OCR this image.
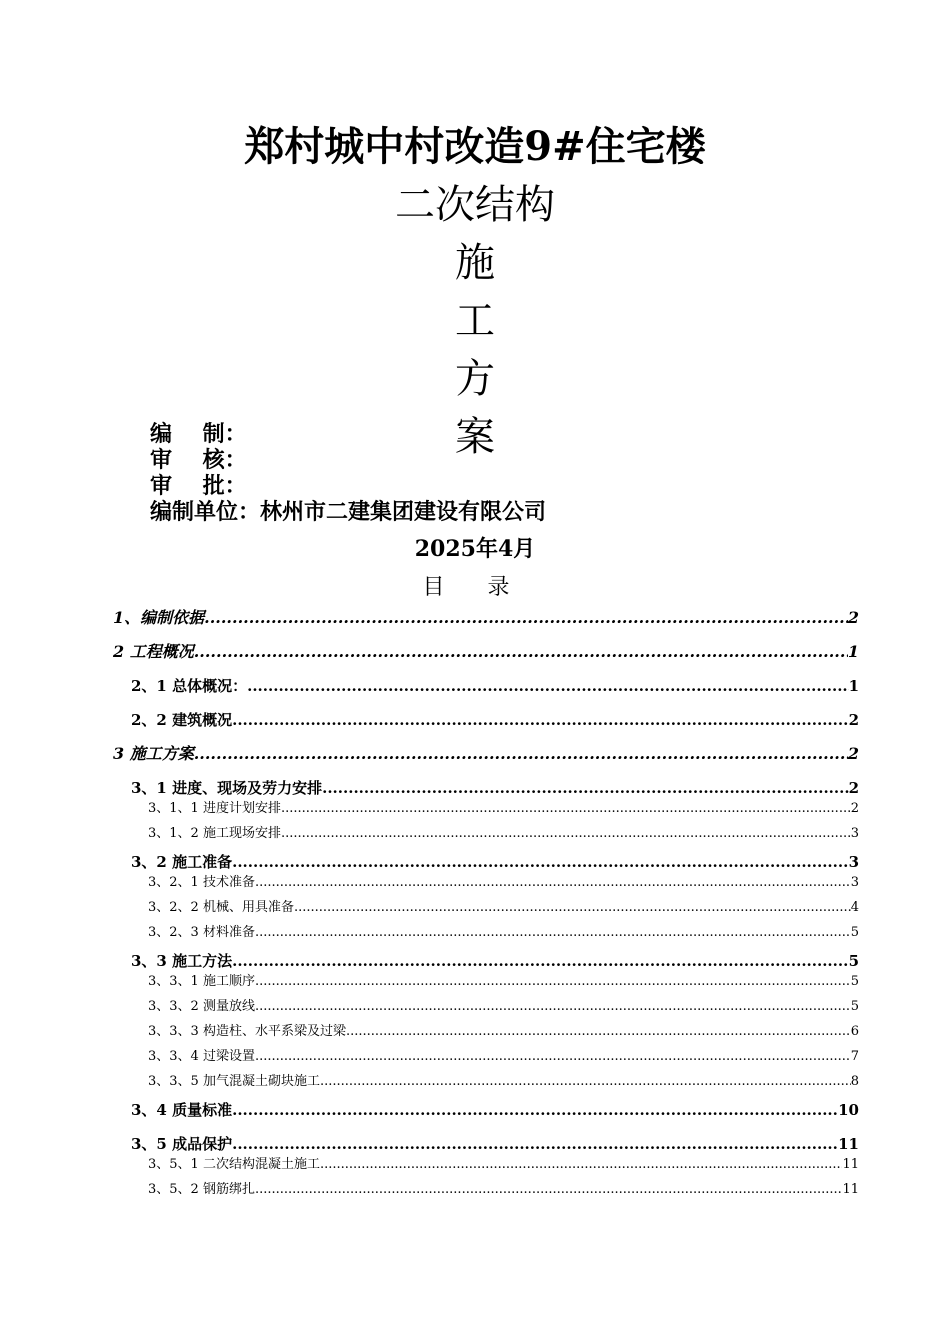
郑村城中村改造9#住宅楼
二次结构
施
工
方
案
编    制：
审    核：
审    批：
编制单位：林州市二建集团建设有限公司
2025年4月
目 录
1、编制依据 .....	2
2 工程概况 .....	1
2、1 总体概况： .....	1
2、2 建筑概况 .....	2
3 施工方案 .....	2
3、1 进度、现场及劳力安排 .....	2
3、1、1 进度计划安排 .....	2
3、1、2 施工现场安排 .....	3
3、2 施工准备 .....	3
3、2、1 技术准备 .....	3
3、2、2 机械、用具准备 .....	4
3、2、3 材料准备 .....	5
3、3 施工方法 .....	5
3、3、1 施工顺序 .....	5
3、3、2 测量放线 .....	5
3、3、3 构造柱、水平系梁及过梁 .....	6
3、3、4 过梁设置 .....	7
3、3、5 加气混凝土砌块施工 .....	8
3、4 质量标准 .....	10
3、5 成品保护 .....	11
3、5、1 二次结构混凝土施工 .....	11
3、5、2 钢筋绑扎 .....	11
